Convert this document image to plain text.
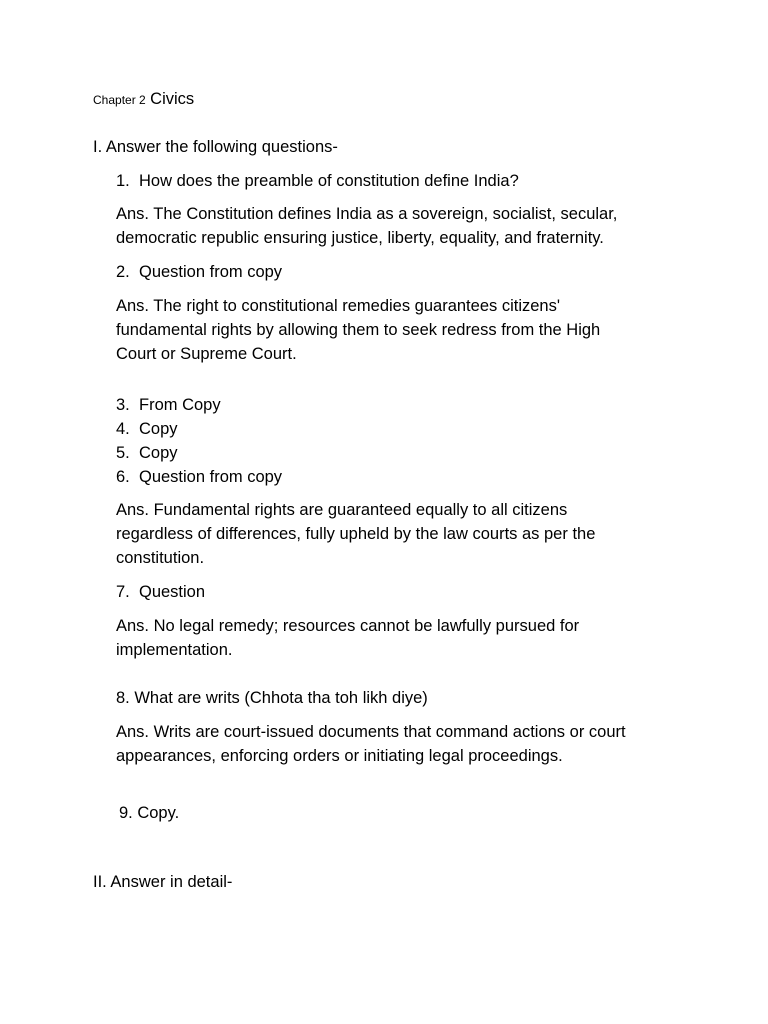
Chapter 2 Civics
I. Answer the following questions-
1. How does the preamble of constitution define India?
Ans. The Constitution defines India as a sovereign, socialist, secular,
democratic republic ensuring justice, liberty, equality, and fraternity.
2. Question from copy
Ans. The right to constitutional remedies guarantees citizens'
fundamental rights by allowing them to seek redress from the High
Court or Supreme Court.
3. From Copy
4. Copy
5. Copy
6. Question from copy
Ans. Fundamental rights are guaranteed equally to all citizens
regardless of differences, fully upheld by the law courts as per the
constitution.
7. Question
Ans. No legal remedy; resources cannot be lawfully pursued for
implementation.
8. What are writs (Chhota tha toh likh diye)
Ans. Writs are court-issued documents that command actions or court
appearances, enforcing orders or initiating legal proceedings.
9. Copy.
II. Answer in detail-
